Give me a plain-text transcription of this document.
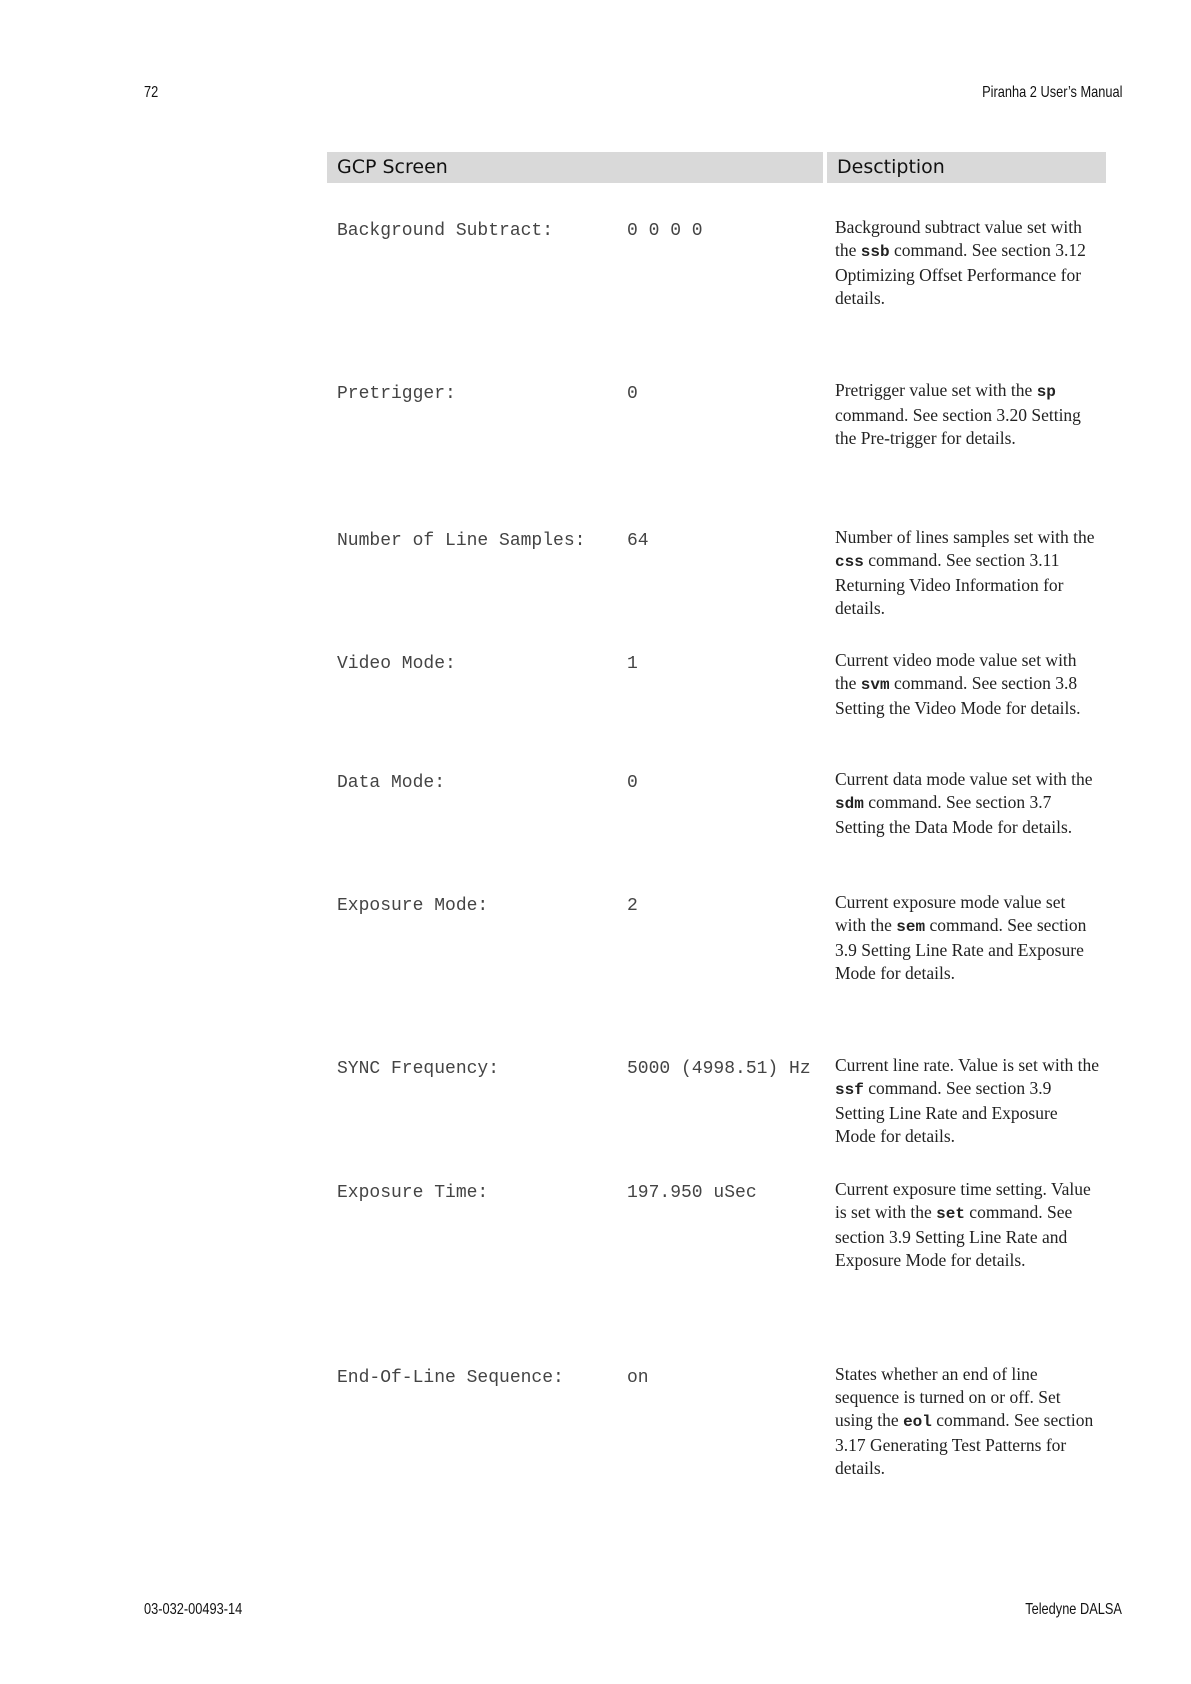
72	Piranha 2 User’s Manual
GCP Screen	Desctiption
Background Subtract:	0 0 0 0	Background subtract value set with the ssb command. See section 3.12 Optimizing Offset Performance for details.
Pretrigger:	0	Pretrigger value set with the sp command. See section 3.20 Setting the Pre-trigger for details.
Number of Line Samples: 64	Number of lines samples set with the css command. See section 3.11 Returning Video Information for details.
Video Mode:	1	Current video mode value set with the svm command. See section 3.8 Setting the Video Mode for details.
Data Mode:	0	Current data mode value set with the sdm command. See section 3.7 Setting the Data Mode for details.
Exposure Mode:	2	Current exposure mode value set with the sem command. See section 3.9 Setting Line Rate and Exposure Mode for details.
SYNC Frequency:	5000 (4998.51) Hz	Current line rate. Value is set with the ssf command. See section 3.9 Setting Line Rate and Exposure Mode for details.
Exposure Time:	197.950 uSec	Current exposure time setting. Value is set with the set command. See section 3.9 Setting Line Rate and Exposure Mode for details.
End-Of-Line Sequence:	on	States whether an end of line sequence is turned on or off. Set using the eol command. See section 3.17 Generating Test Patterns for details.
03-032-00493-14	Teledyne DALSA
